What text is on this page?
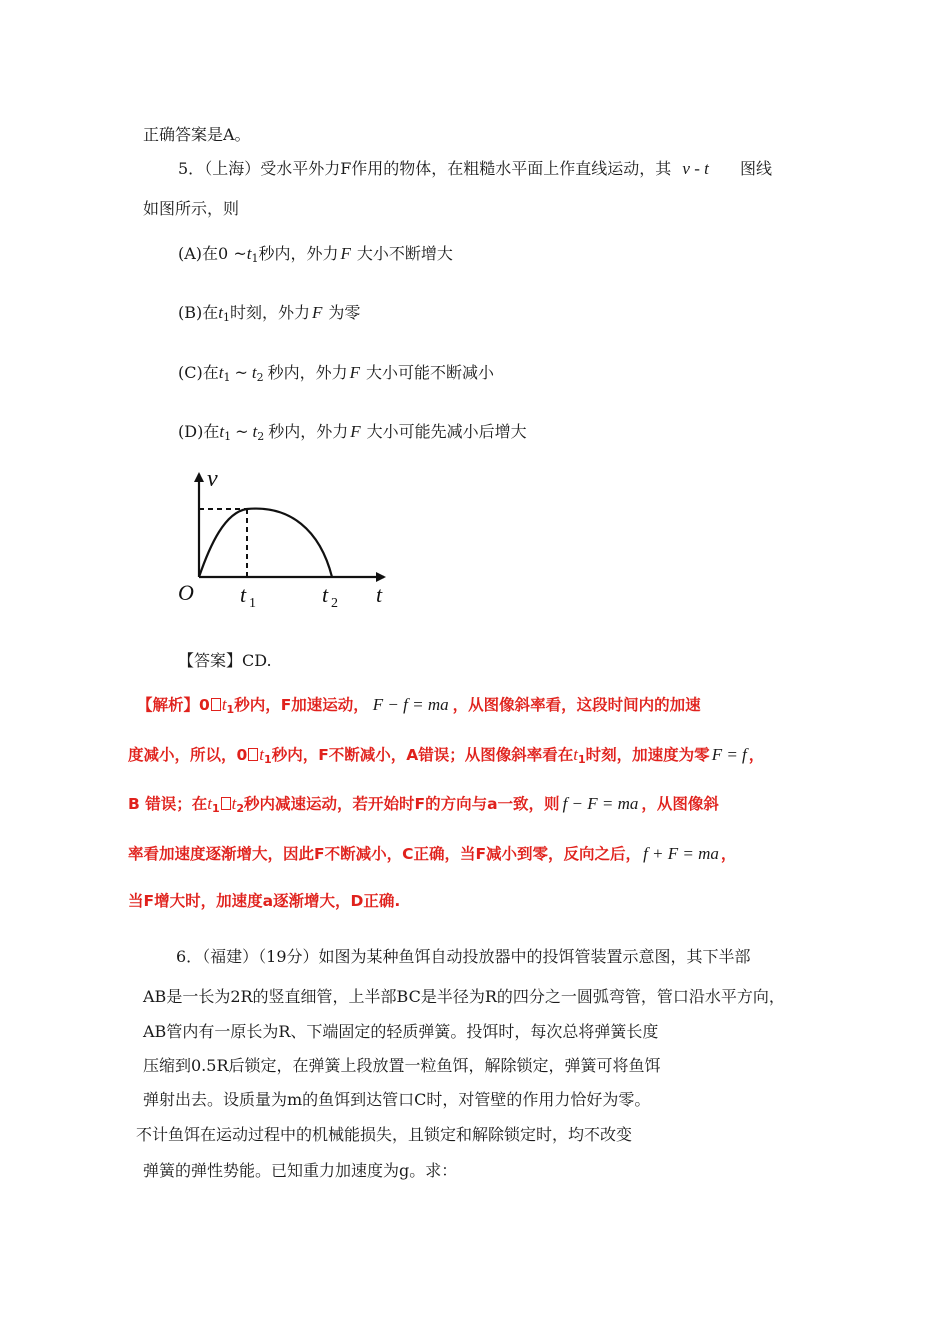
正确答案是A。
5．（上海）受水平外力F作用的物体，在粗糙水平面上作直线运动，其 v - t 图线
如图所示，则
(A)在0 $\sim t_1$秒内，外力 F 大小不断增大
(B)在$t_1$时刻，外力 F 为零
(C)在$t_1$ ~ $t_2$ 秒内，外力 F 大小可能不断减小
(D)在$t_1$ ~ $t_2$ 秒内，外力 F 大小可能先减小后增大
v
O t 1	t 2 t
【答案】CD.
【解析】0 $t_1$秒内，F加速运动， F − f = ma ，从图像斜率看，这段时间内的加速
度减小，所以，0 $t_1$秒内，F不断减小，A错误；从图像斜率看在$t_1$时刻，加速度为零 F = f ，
B 错误；在$t_1$ $t_2$秒内减速运动，若开始时F的方向与a一致，则 f − F = ma ，从图像斜
率看加速度逐渐增大，因此F不断减小，C正确，当F减小到零，反向之后， f + F = ma ，
当F增大时，加速度a逐渐增大，D正确.
6．（福建）（19分）如图为某种鱼饵自动投放器中的投饵管装置示意图，其下半部
AB是一长为2R的竖直细管，上半部BC是半径为R的四分之一圆弧弯管，管口沿水平方向，
AB管内有一原长为R、下端固定的轻质弹簧。投饵时，每次总将弹簧长度
压缩到0.5R后锁定，在弹簧上段放置一粒鱼饵，解除锁定，弹簧可将鱼饵
弹射出去。设质量为m的鱼饵到达管口C时，对管壁的作用力恰好为零。
不计鱼饵在运动过程中的机械能损失，且锁定和解除锁定时，均不改变
弹簧的弹性势能。已知重力加速度为g。求：
